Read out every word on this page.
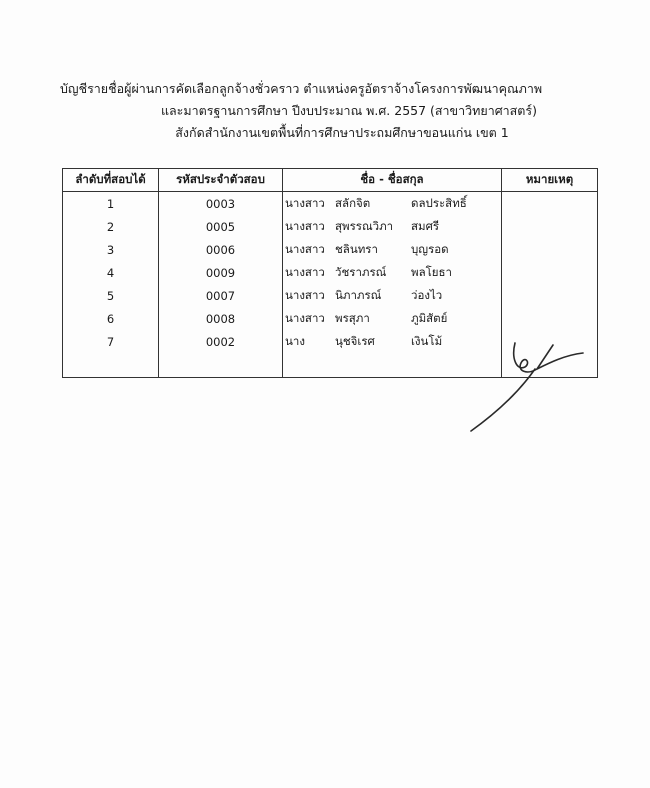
บัญชีรายชื่อผู้ผ่านการคัดเลือกลูกจ้างชั่วคราว ตำแหน่งครูอัตราจ้างโครงการพัฒนาคุณภาพ
และมาตรฐานการศึกษา ปีงบประมาณ พ.ศ. 2557 (สาขาวิทยาศาสตร์)
สังกัดสำนักงานเขตพื้นที่การศึกษาประถมศึกษาขอนแก่น เขต 1
ลำดับที่สอบได้	รหัสประจำตัวสอบ	ชื่อ - ชื่อสกุล	หมายเหตุ
1	0003	นางสาว สลักจิต ดลประสิทธิ์	
2	0005	นางสาว สุพรรณวิภา สมศรี	
3	0006	นางสาว ชลินทรา บุญรอด	
4	0009	นางสาว วัชราภรณ์ พลโยธา	
5	0007	นางสาว นิภาภรณ์ ว่องไว	
6	0008	นางสาว พรสุภา ภูมิสัตย์	
7	0002	นาง นุชจิเรศ เงินโม้	
